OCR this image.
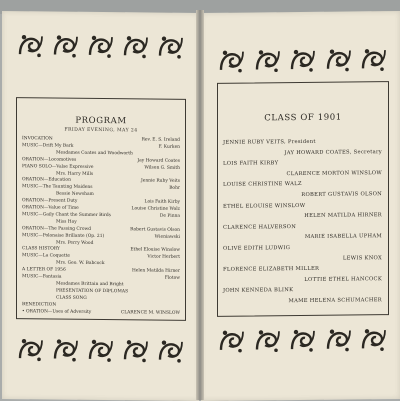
PROGRAM
FRIDAY EVENING, MAY 24
INVOCATION	Rev. E. S. Ireland
MUSIC—Drift My Bark	F. Kurken
Mesdames Coates and Woodworth
ORATION—Locomotives	Jay Howard Coates
PIANO SOLO—Valse Expressive	Wilson G. Smith
Mrs. Harry Mills
ORATION—Education	Jennie Ruby Veits
MUSIC—The Taunting Maidens	Bohr
Bessie Newsham
ORATION—Present Duty	Lois Faith Kirby
ORATION—Value of Time	Louise Christine Walz
MUSIC—Gaily Chant the Summer Birds	De Pinna
Miss Hoy
ORATION—The Passing Crowd	Robert Gustavis Olson
MUSIC—Polonaise Brillante (Op. 21)	Wieniawski
Mrs. Perry Wood
CLASS HISTORY	Ethel Elouise Winslow
MUSIC—La Coquette	Victor Herbert
Mrs. Geo. W. Babcock
A LETTER OF 1956	Helen Matilda Hirner
MUSIC—Fantasia	Flotow
Mesdames Brittain and Bright
PRESENTATION OF DIPLOMAS
CLASS SONG
BENEDICTION
• ORATION—Uses of Adversity	CLARENCE M. WINSLOW
CLASS OF 1901
JENNIE RUBY VEITS, President
JAY HOWARD COATES, Secretary
LOIS FAITH KIRBY
CLARENCE MORTON WINSLOW
LOUISE CHRISTINE WALZ
ROBERT GUSTAVIS OLSON
ETHEL ELOUISE WINSLOW
HELEN MATILDA HIRNER
CLARENCE HALVERSON
MARIE ISABELLA UPHAM
OLIVE EDITH LUDWIG
LEWIS KNOX
FLORENCE ELIZABETH MILLER
LOTTIE ETHEL HANCOCK
JOHN KENNEDA BLINK
MAME HELENA SCHUMACHER
